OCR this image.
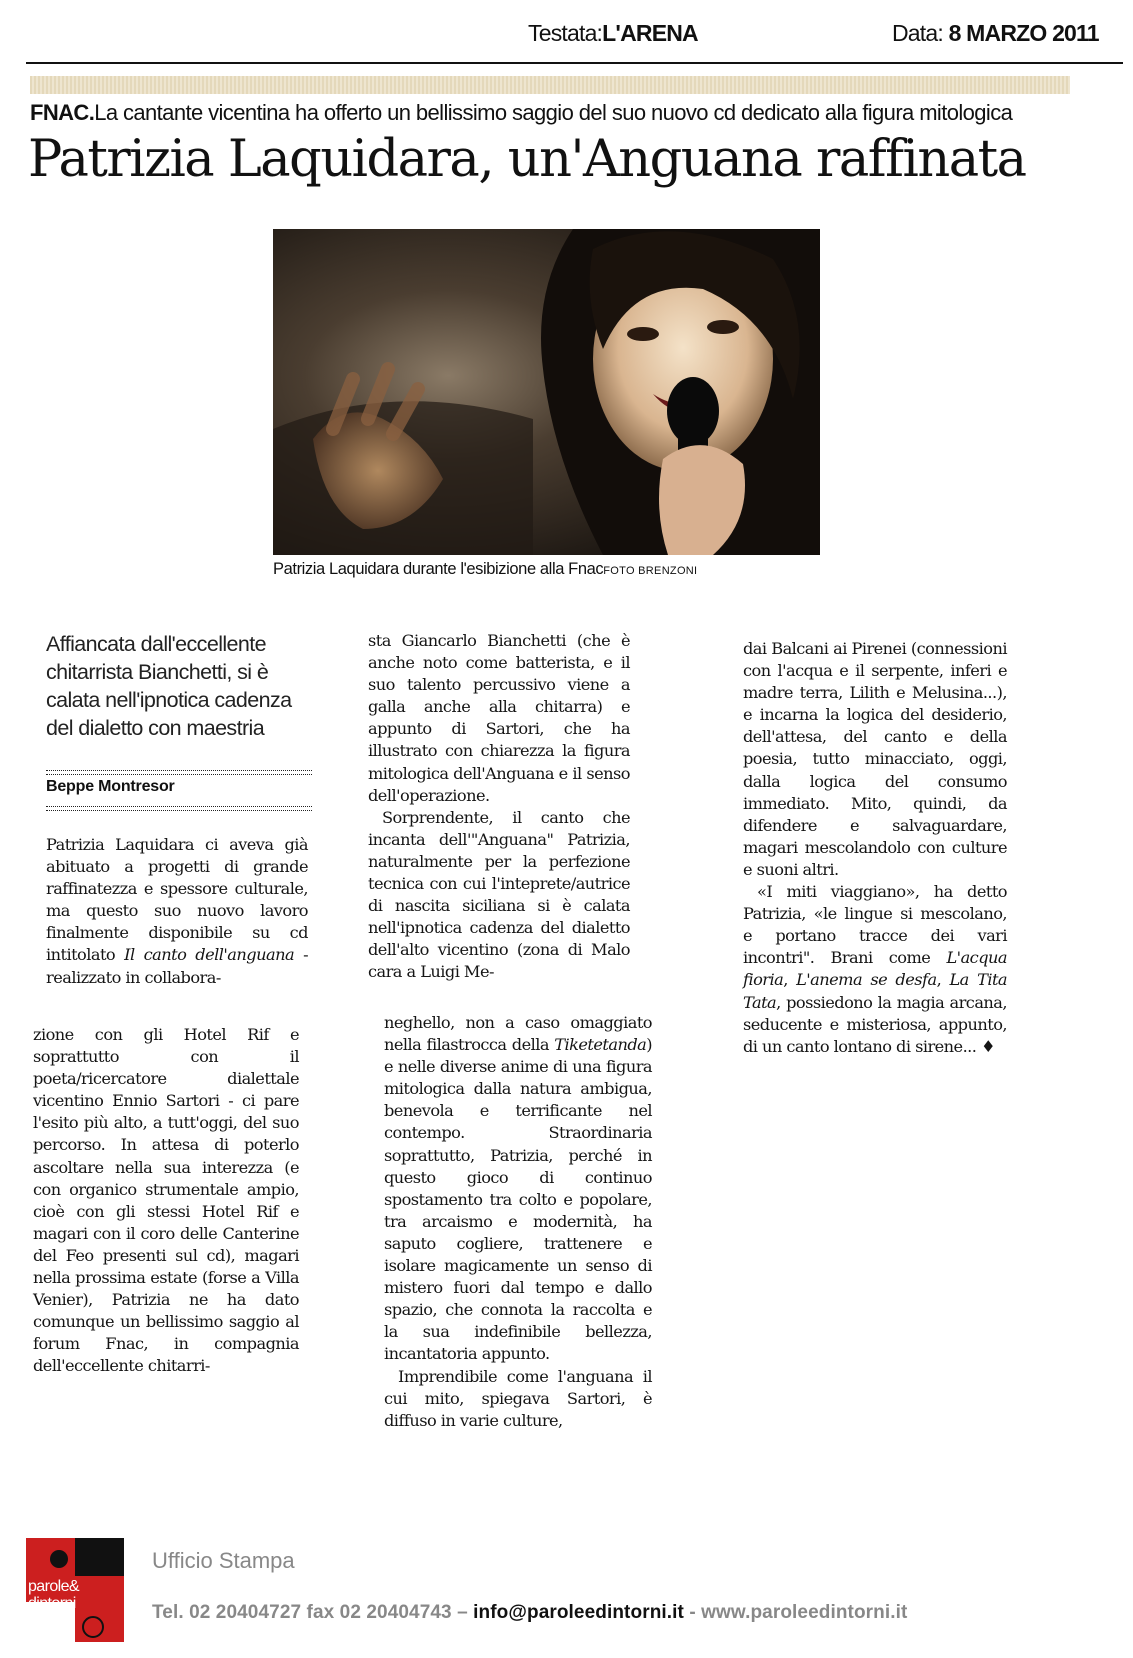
Testata:L'ARENA	Data: 8 MARZO 2011
FNAC.La cantante vicentina ha offerto un bellissimo saggio del suo nuovo cd dedicato alla figura mitologica
Patrizia Laquidara, un'Anguana raffinata
Patrizia Laquidara durante l'esibizione alla FnacFOTO BRENZONI
Affiancata dall'eccellente chitarrista Bianchetti, si è calata nell'ipnotica cadenza del dialetto con maestria
Beppe Montresor

Patrizia Laquidara ci aveva già abituato a progetti di grande raffinatezza e spessore culturale, ma questo suo nuovo lavoro finalmente disponibile su cd intitolato Il canto dell'anguana - realizzato in collabora-

zione con gli Hotel Rif e soprattutto con il poeta/ricercatore dialettale vicentino Ennio Sartori - ci pare l'esito più alto, a tutt'oggi, del suo percorso. In attesa di poterlo ascoltare nella sua interezza (e con organico strumentale ampio, cioè con gli stessi Hotel Rif e magari con il coro delle Canterine del Feo presenti sul cd), magari nella prossima estate (forse a Villa Venier), Patrizia ne ha dato comunque un bellissimo saggio al forum Fnac, in compagnia dell'eccellente chitarri-

sta Giancarlo Bianchetti (che è anche noto come batterista, e il suo talento percussivo viene a galla anche alla chitarra) e appunto di Sartori, che ha illustrato con chiarezza la figura mitologica dell'Anguana e il senso dell'operazione.

Sorprendente, il canto che incanta dell'"Anguana" Patrizia, naturalmente per la perfezione tecnica con cui l'inteprete/autrice di nascita siciliana si è calata nell'ipnotica cadenza del dialetto dell'alto vicentino (zona di Malo cara a Luigi Me-

neghello, non a caso omaggiato nella filastrocca della Tiketetanda) e nelle diverse anime di una figura mitologica dalla natura ambigua, benevola e terrificante nel contempo. Straordinaria soprattutto, Patrizia, perché in questo gioco di continuo spostamento tra colto e popolare, tra arcaismo e modernità, ha saputo cogliere, trattenere e isolare magicamente un senso di mistero fuori dal tempo e dallo spazio, che connota la raccolta e la sua indefinibile bellezza, incantatoria appunto.

Imprendibile come l'anguana il cui mito, spiegava Sartori, è diffuso in varie culture,

dai Balcani ai Pirenei (connessioni con l'acqua e il serpente, inferi e madre terra, Lilith e Melusina...), e incarna la logica del desiderio, dell'attesa, del canto e della poesia, tutto minacciato, oggi, dalla logica del consumo immediato. Mito, quindi, da difendere e salvaguardare, magari mescolandolo con culture e suoni altri.

«I miti viaggiano», ha detto Patrizia, «le lingue si mescolano, e portano tracce dei vari incontri". Brani come L'acqua fioria, L'anema se desfa, La Tita Tata, possiedono la magia arcana, seducente e misteriosa, appunto, di un canto lontano di sirene... ♦

parole&
dintorni
Ufficio Stampa
Tel. 02 20404727 fax 02 20404743 – info@paroleedintorni.it - www.paroleedintorni.it
